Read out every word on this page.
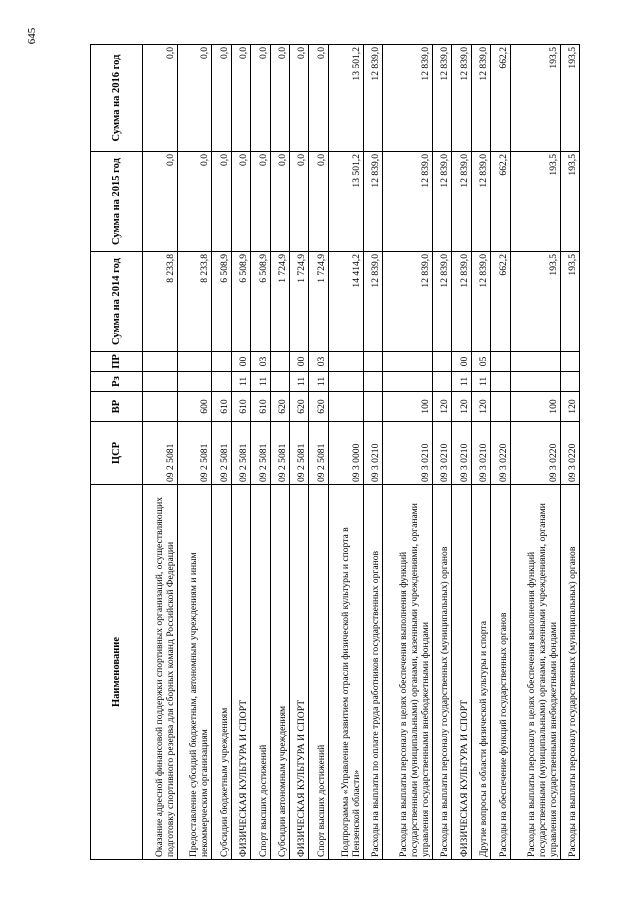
645
Наименование	ЦСР	ВР	Рз	ПР	Сумма на 2014 год	Сумма на 2015 год	Сумма на 2016 год
Оказание адресной финансовой поддержки спортивных организаций, осуществляющих подготовку спортивного резерва для сборных команд Российской Федерации	09 2 5081				8 233,8	0,0	0,0
Предоставление субсидий бюджетным, автономным учреждениям и иным некоммерческим организациям	09 2 5081	600			8 233,8	0,0	0,0
Субсидии бюджетным учреждениям	09 2 5081	610			6 508,9	0,0	0,0
ФИЗИЧЕСКАЯ КУЛЬТУРА И СПОРТ	09 2 5081	610	11	00	6 508,9	0,0	0,0
Спорт высших достижений	09 2 5081	610	11	03	6 508,9	0,0	0,0
Субсидии автономным учреждениям	09 2 5081	620			1 724,9	0,0	0,0
ФИЗИЧЕСКАЯ КУЛЬТУРА И СПОРТ	09 2 5081	620	11	00	1 724,9	0,0	0,0
Спорт высших достижений	09 2 5081	620	11	03	1 724,9	0,0	0,0
Подпрограмма «Управление развитием отрасли физической культуры и спорта в Пензенской области»	09 3 0000				14 414,2	13 501,2	13 501,2
Расходы на выплаты по оплате труда работников государственных органов	09 3 0210				12 839,0	12 839,0	12 839,0
Расходы на выплаты персоналу в целях обеспечения выполнения функций государственными (муниципальными) органами, казенными учреждениями, органами управления государственными внебюджетными фондами	09 3 0210	100			12 839,0	12 839,0	12 839,0
Расходы на выплаты персоналу государственных (муниципальных) органов	09 3 0210	120			12 839,0	12 839,0	12 839,0
ФИЗИЧЕСКАЯ КУЛЬТУРА И СПОРТ	09 3 0210	120	11	00	12 839,0	12 839,0	12 839,0
Другие вопросы в области физической культуры и спорта	09 3 0210	120	11	05	12 839,0	12 839,0	12 839,0
Расходы на обеспечение функций государственных органов	09 3 0220				662,2	662,2	662,2
Расходы на выплаты персоналу в целях обеспечения выполнения функций государственными (муниципальными) органами, казенными учреждениями, органами управления государственными внебюджетными фондами	09 3 0220	100			193,5	193,5	193,5
Расходы на выплаты персоналу государственных (муниципальных) органов	09 3 0220	120			193,5	193,5	193,5
